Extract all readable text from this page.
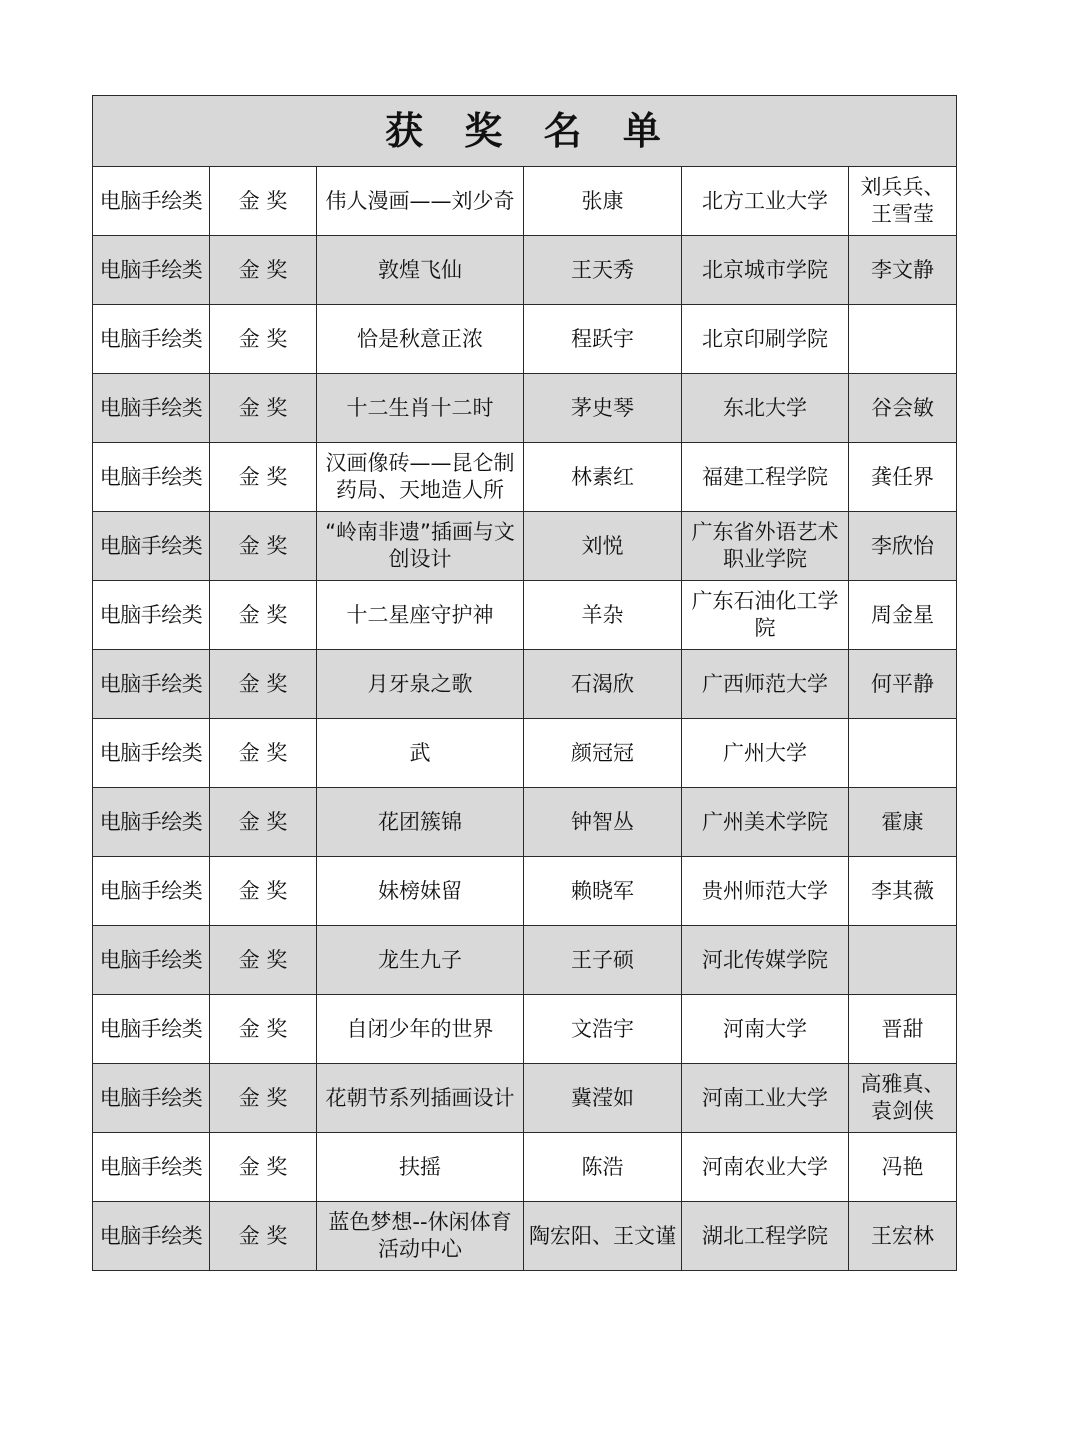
获 奖 名 单					
电脑手绘类	金 奖	伟人漫画——刘少奇	张康	北方工业大学	刘兵兵、王雪莹
电脑手绘类	金 奖	敦煌飞仙	王天秀	北京城市学院	李文静
电脑手绘类	金 奖	恰是秋意正浓	程跃宇	北京印刷学院	
电脑手绘类	金 奖	十二生肖十二时	茅史琴	东北大学	谷会敏
电脑手绘类	金 奖	汉画像砖——昆仑制药局、天地造人所	林素红	福建工程学院	龚任界
电脑手绘类	金 奖	“岭南非遗”插画与文创设计	刘悦	广东省外语艺术职业学院	李欣怡
电脑手绘类	金 奖	十二星座守护神	羊杂	广东石油化工学院	周金星
电脑手绘类	金 奖	月牙泉之歌	石渴欣	广西师范大学	何平静
电脑手绘类	金 奖	武	颜冠冠	广州大学	
电脑手绘类	金 奖	花团簇锦	钟智丛	广州美术学院	霍康
电脑手绘类	金 奖	妹榜妹留	赖晓军	贵州师范大学	李其薇
电脑手绘类	金 奖	龙生九子	王子硕	河北传媒学院	
电脑手绘类	金 奖	自闭少年的世界	文浩宇	河南大学	晋甜
电脑手绘类	金 奖	花朝节系列插画设计	冀滢如	河南工业大学	高雅真、袁剑侠
电脑手绘类	金 奖	扶摇	陈浩	河南农业大学	冯艳
电脑手绘类	金 奖	蓝色梦想--休闲体育活动中心	陶宏阳、王文谨	湖北工程学院	王宏林
